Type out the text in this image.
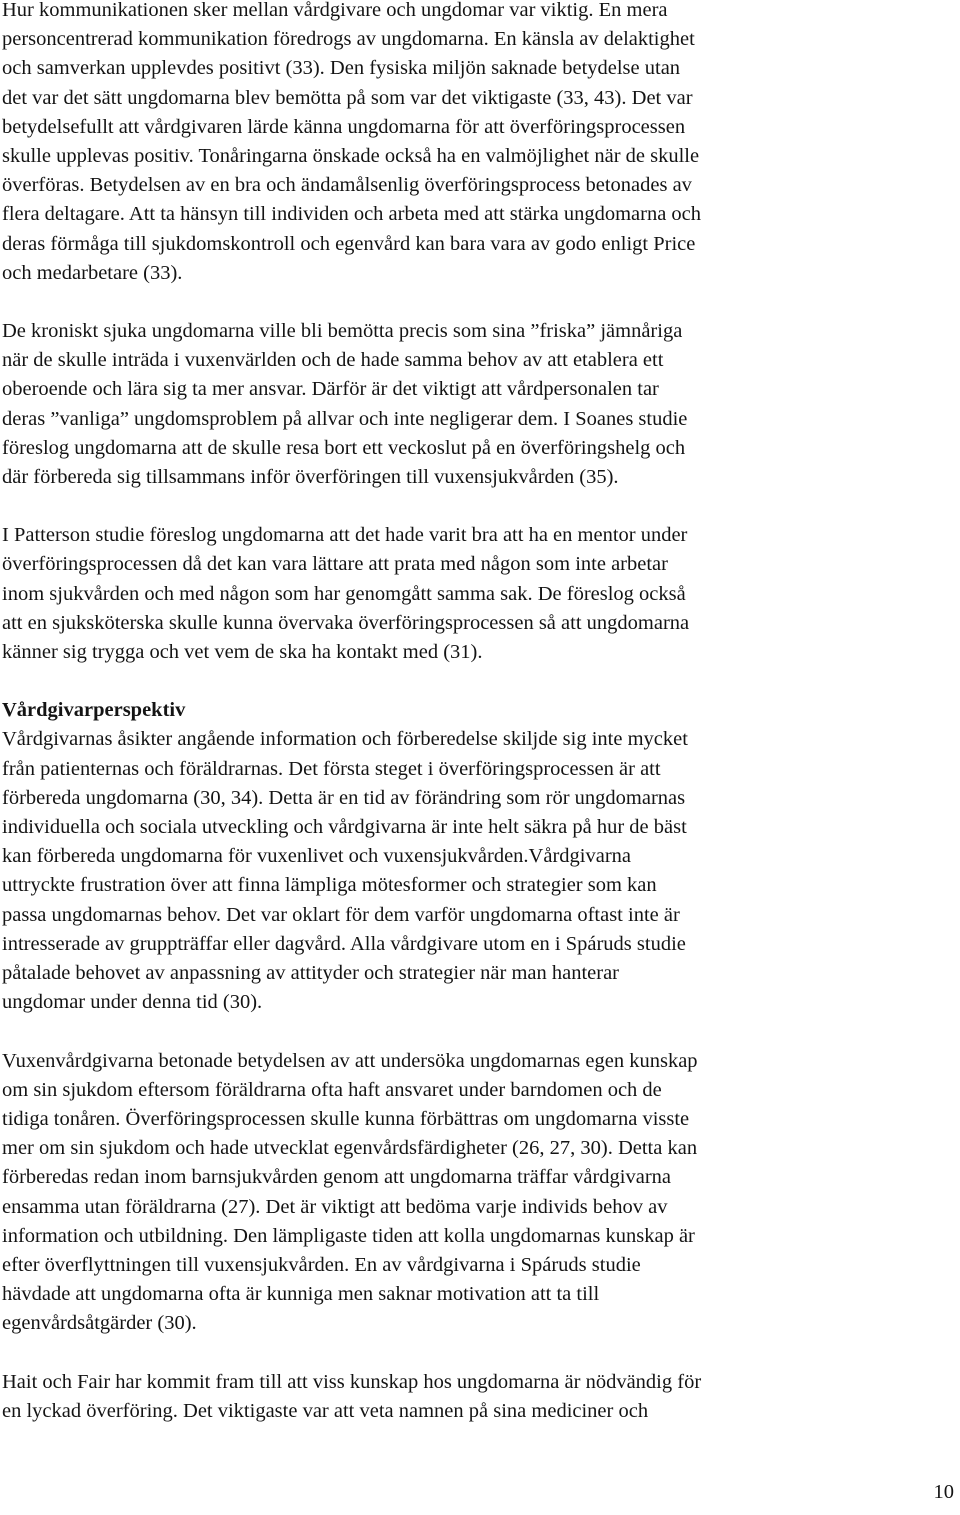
Hur kommunikationen sker mellan vårdgivare och ungdomar var viktig. En mera
personcentrerad kommunikation föredrogs av ungdomarna. En känsla av delaktighet
och samverkan upplevdes positivt (33). Den fysiska miljön saknade betydelse utan
det var det sätt ungdomarna blev bemötta på som var det viktigaste (33, 43). Det var
betydelsefullt att vårdgivaren lärde känna ungdomarna för att överföringsprocessen
skulle upplevas positiv. Tonåringarna önskade också ha en valmöjlighet när de skulle
överföras. Betydelsen av en bra och ändamålsenlig överföringsprocess betonades av
flera deltagare. Att ta hänsyn till individen och arbeta med att stärka ungdomarna och
deras förmåga till sjukdomskontroll och egenvård kan bara vara av godo enligt Price
och medarbetare (33).
De kroniskt sjuka ungdomarna ville bli bemötta precis som sina ”friska” jämnåriga
när de skulle inträda i vuxenvärlden och de hade samma behov av att etablera ett
oberoende och lära sig ta mer ansvar. Därför är det viktigt att vårdpersonalen tar
deras ”vanliga” ungdomsproblem på allvar och inte negligerar dem. I Soanes studie
föreslog ungdomarna att de skulle resa bort ett veckoslut på en överföringshelg och
där förbereda sig tillsammans inför överföringen till vuxensjukvården (35).
I Patterson studie föreslog ungdomarna att det hade varit bra att ha en mentor under
överföringsprocessen då det kan vara lättare att prata med någon som inte arbetar
inom sjukvården och med någon som har genomgått samma sak. De föreslog också
att en sjuksköterska skulle kunna övervaka överföringsprocessen så att ungdomarna
känner sig trygga och vet vem de ska ha kontakt med (31).
Vårdgivarperspektiv
Vårdgivarnas åsikter angående information och förberedelse skiljde sig inte mycket
från patienternas och föräldrarnas. Det första steget i överföringsprocessen är att
förbereda ungdomarna (30, 34). Detta är en tid av förändring som rör ungdomarnas
individuella och sociala utveckling och vårdgivarna är inte helt säkra på hur de bäst
kan förbereda ungdomarna för vuxenlivet och vuxensjukvården.Vårdgivarna
uttryckte frustration över att finna lämpliga mötesformer och strategier som kan
passa ungdomarnas behov. Det var oklart för dem varför ungdomarna oftast inte är
intresserade av gruppträffar eller dagvård. Alla vårdgivare utom en i Spáruds studie
påtalade behovet av anpassning av attityder och strategier när man hanterar
ungdomar under denna tid (30).
Vuxenvårdgivarna betonade betydelsen av att undersöka ungdomarnas egen kunskap
om sin sjukdom eftersom föräldrarna ofta haft ansvaret under barndomen och de
tidiga tonåren. Överföringsprocessen skulle kunna förbättras om ungdomarna visste
mer om sin sjukdom och hade utvecklat egenvårdsfärdigheter (26, 27, 30). Detta kan
förberedas redan inom barnsjukvården genom att ungdomarna träffar vårdgivarna
ensamma utan föräldrarna (27). Det är viktigt att bedöma varje individs behov av
information och utbildning. Den lämpligaste tiden att kolla ungdomarnas kunskap är
efter överflyttningen till vuxensjukvården. En av vårdgivarna i Spáruds studie
hävdade att ungdomarna ofta är kunniga men saknar motivation att ta till
egenvårdsåtgärder (30).
Hait och Fair har kommit fram till att viss kunskap hos ungdomarna är nödvändig för
en lyckad överföring. Det viktigaste var att veta namnen på sina mediciner och
10
